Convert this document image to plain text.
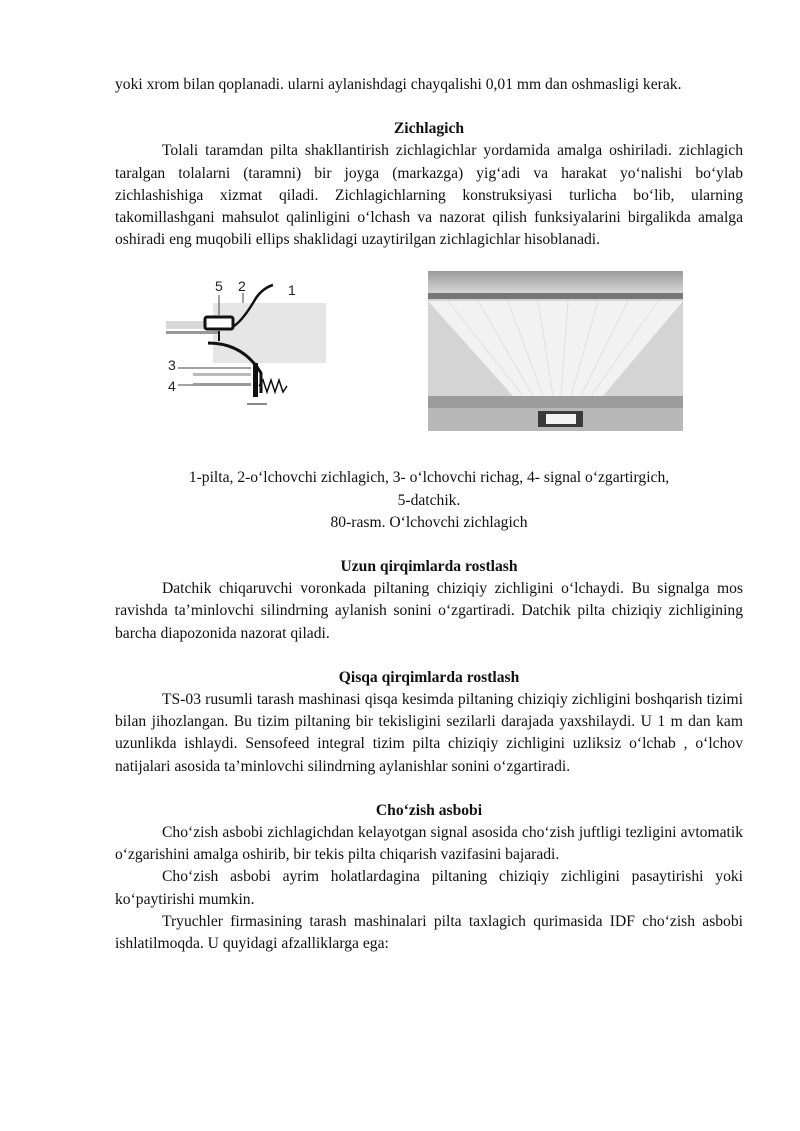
yoki xrom bilan qoplanadi. ularni aylanishdagi chayqalishi 0,01 mm dan oshmasligi kerak.

Zichlagich

Tolali taramdan pilta shakllantirish zichlagichlar yordamida amalga oshiriladi. zichlagich taralgan tolalarni (taramni) bir joyga (markazga) yig‘adi va harakat yo‘nalishi bo‘ylab zichlashishiga xizmat qiladi. Zichlagichlarning konstruksiyasi turlicha bo‘lib, ularning takomillashgani mahsulot qalinligini o‘lchash va nazorat qilish funksiyalarini birgalikda amalga oshiradi eng muqobili ellips shaklidagi uzaytirilgan zichlagichlar hisoblanadi.

5 2	1
3
4

1-pilta, 2-o‘lchovchi zichlagich, 3- o‘lchovchi richag, 4- signal o‘zgartirgich,

5-datchik.

80-rasm. O‘lchovchi zichlagich

Uzun qirqimlarda rostlash

Datchik chiqaruvchi voronkada piltaning chiziqiy zichligini o‘lchaydi. Bu signalga mos ravishda ta’minlovchi silindrning aylanish sonini o‘zgartiradi. Datchik pilta chiziqiy zichligining barcha diapozonida nazorat qiladi.

Qisqa qirqimlarda rostlash

TS-03 rusumli tarash mashinasi qisqa kesimda piltaning chiziqiy zichligini boshqarish tizimi bilan jihozlangan. Bu tizim piltaning bir tekisligini sezilarli darajada yaxshilaydi. U 1 m dan kam uzunlikda ishlaydi. Sensofeed integral tizim pilta chiziqiy zichligini uzliksiz o‘lchab , o‘lchov natijalari asosida ta’minlovchi silindrning aylanishlar sonini o‘zgartiradi.

Cho‘zish asbobi

Cho‘zish asbobi zichlagichdan kelayotgan signal asosida cho‘zish juftligi tezligini avtomatik o‘zgarishini amalga oshirib, bir tekis pilta chiqarish vazifasini bajaradi.

Cho‘zish asbobi ayrim holatlardagina piltaning chiziqiy zichligini pasaytirishi yoki ko‘paytirishi mumkin.

Tryuchler firmasining tarash mashinalari pilta taxlagich qurimasida IDF cho‘zish asbobi ishlatilmoqda. U quyidagi afzalliklarga ega:
